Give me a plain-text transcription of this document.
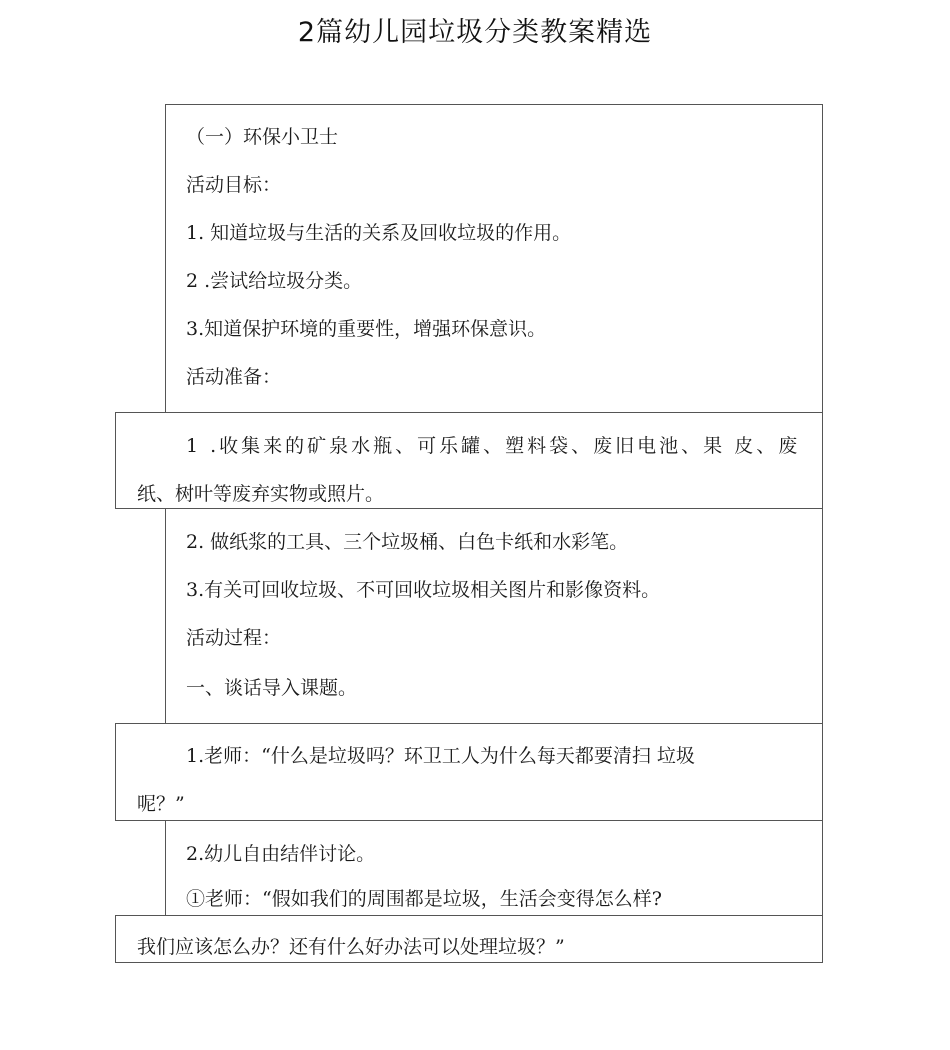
2篇幼儿园垃圾分类教案精选
（一）环保小卫士
活动目标：
1. 知道垃圾与生活的关系及回收垃圾的作用。
2 .尝试给垃圾分类。
3.知道保护环境的重要性，增强环保意识。
活动准备：
1 .收集来的矿泉水瓶、可乐罐、塑料袋、废旧电池、果 皮、废
纸、树叶等废弃实物或照片。
2. 做纸浆的工具、三个垃圾桶、白色卡纸和水彩笔。
3.有关可回收垃圾、不可回收垃圾相关图片和影像资料。
活动过程：
一、谈话导入课题。
1.老师：“什么是垃圾吗？环卫工人为什么每天都要清扫 垃圾
呢？”
2.幼儿自由结伴讨论。
①老师：“假如我们的周围都是垃圾，生活会变得怎么样?
我们应该怎么办？还有什么好办法可以处理垃圾？”
